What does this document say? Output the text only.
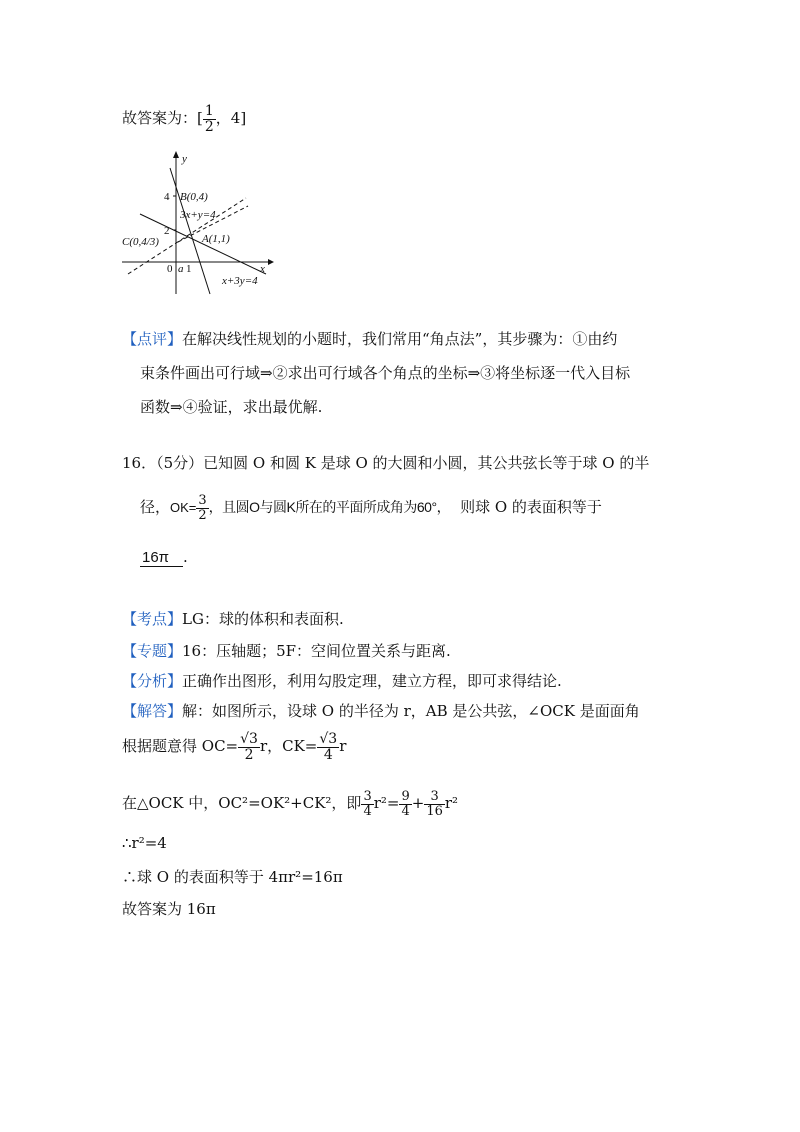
故答案为：[ $\frac{1}{2}$ ，4]
y
x
0 a 1
4
2
B(0,4)
3x+y=4
C(0,4/3)	A(1,1)
x+3y=4
【点评】在解决线性规划的小题时，我们常用“角点法”，其步骤为：①由约
束条件画出可行域⇒②求出可行域各个角点的坐标⇒③将坐标逐一代入目标
函数⇒④验证，求出最优解.
16．（5分）已知圆 O 和圆 K 是球 O 的大圆和小圆，其公共弦长等于球 O 的半
径，$OK= \frac{3}{2}$ ，且圆O与圆K所在的平面所成角为60°， 则球 O 的表面积等于
16π .
【考点】LG：球的体积和表面积.
【专题】16：压轴题；5F：空间位置关系与距离.
【分析】正确作出图形，利用勾股定理，建立方程，即可求得结论.
【解答】解：如图所示，设球 O 的半径为 r，AB 是公共弦，∠OCK 是面面角
根据题意得 $OC= \frac{√3}{2}$ r，$CK= \frac{√3}{4}$ r
在△OCK 中，OC²=OK²+CK²，即 $\frac{3}{4} r^2= \frac{9}{4} + \frac{3}{16} r^2$
∴r²=4
∴球 O 的表面积等于 4πr²=16π
故答案为 16π
